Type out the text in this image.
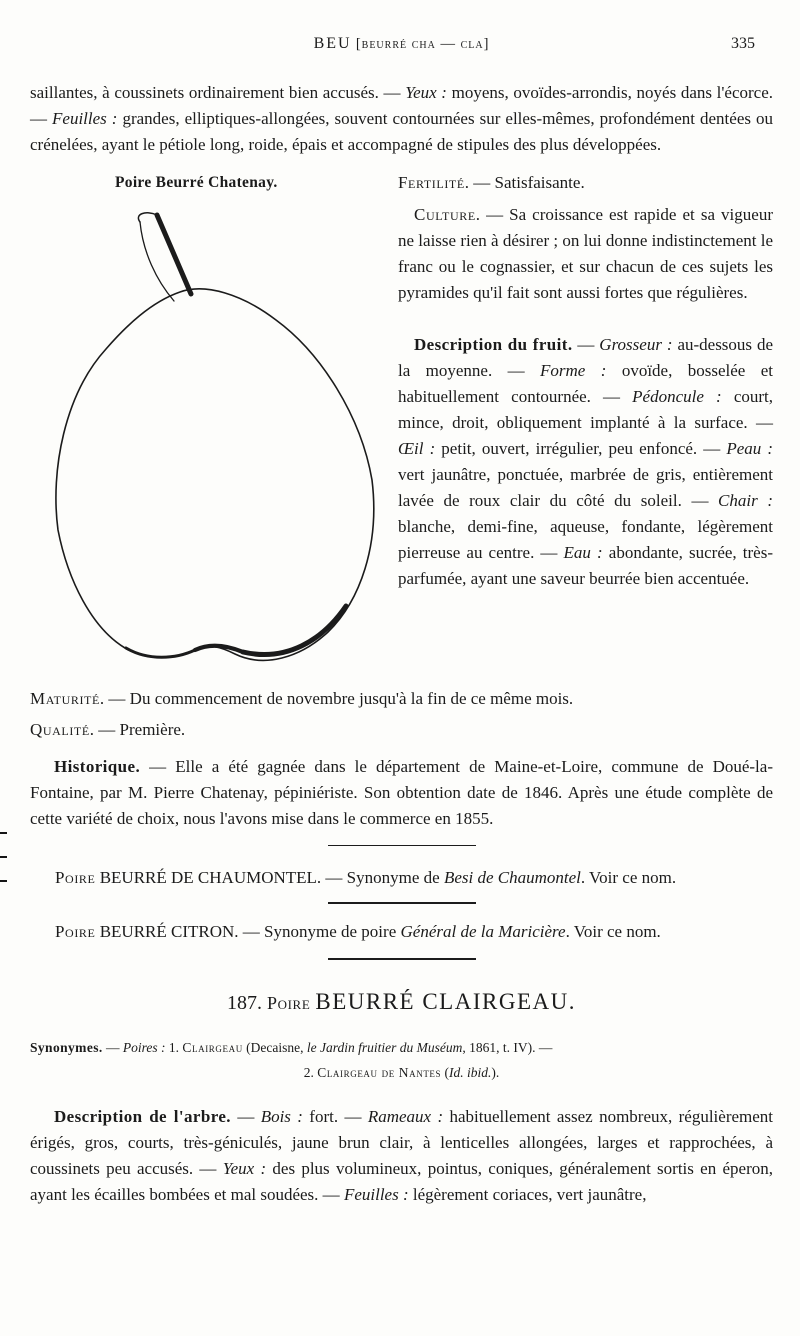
BEU [beurré cha — cla]	335

saillantes, à coussinets ordinairement bien accusés. — Yeux : moyens, ovoïdes-arrondis, noyés dans l'écorce. — Feuilles : grandes, elliptiques-allongées, souvent contournées sur elles-mêmes, profondément dentées ou crénelées, ayant le pétiole long, roide, épais et accompagné de stipules des plus développées.

Poire Beurré Chatenay.	Fertilité. — Satisfaisante.

Culture. — Sa croissance est rapide et sa vigueur ne laisse rien à désirer ; on lui donne indistinctement le franc ou le cognassier, et sur chacun de ces sujets les pyramides qu'il fait sont aussi fortes que régulières.

Description du fruit. — Grosseur : au-dessous de la moyenne. — Forme : ovoïde, bosselée et habituellement contournée. — Pédoncule : court, mince, droit, obliquement implanté à la surface. — Œil : petit, ouvert, irrégulier, peu enfoncé. — Peau : vert jaunâtre, ponctuée, marbrée de gris, entièrement lavée de roux clair du côté du soleil. — Chair : blanche, demi-fine, aqueuse, fondante, légèrement pierreuse au centre. — Eau : abondante, sucrée, très-parfumée, ayant une saveur beurrée bien accentuée.

Maturité. — Du commencement de novembre jusqu'à la fin de ce même mois.

Qualité. — Première.

Historique. — Elle a été gagnée dans le département de Maine-et-Loire, commune de Doué-la-Fontaine, par M. Pierre Chatenay, pépiniériste. Son obtention date de 1846. Après une étude complète de cette variété de choix, nous l'avons mise dans le commerce en 1855.

Poire BEURRÉ DE CHAUMONTEL. — Synonyme de Besi de Chaumontel. Voir ce nom.

Poire BEURRÉ CITRON. — Synonyme de poire Général de la Maricière. Voir ce nom.

187. Poire BEURRÉ CLAIRGEAU.

Synonymes. — Poires : 1. Clairgeau (Decaisne, le Jardin fruitier du Muséum, 1861, t. IV). —

2. Clairgeau de Nantes (Id. ibid.).

Description de l'arbre. — Bois : fort. — Rameaux : habituellement assez nombreux, régulièrement érigés, gros, courts, très-géniculés, jaune brun clair, à lenticelles allongées, larges et rapprochées, à coussinets peu accusés. — Yeux : des plus volumineux, pointus, coniques, généralement sortis en éperon, ayant les écailles bombées et mal soudées. — Feuilles : légèrement coriaces, vert jaunâtre,
